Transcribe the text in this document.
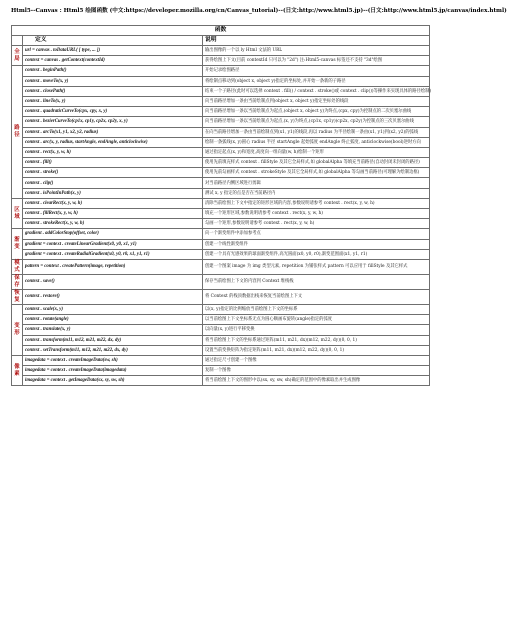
Html5--Canvas : Html5 绘图函数 (中文:https://developer.mozilla.org/cn/Canvas_tutorial)--(日文:http://www.html5.jp)--(日文:http://www.html5.jp/canvas/index.html)
函数		
	定义	说明
全局	url = canvas . toDataURL( [ type, ... ])	输出图像的一个以 ly Html 文法的 URL
	context = canvas . getContext(contextId)	获得绘图上下文(目前 contextId 只可以为 "2d") 注:Html5-canvas 标签还不支持 "3d"绘图
路径	context . beginPath()	开始记录绘图路径
	context . moveTo(x, y)	将绘制点移动到(object x, object y)指定的坐标处,并开始一条新的子路径
	context . closePath()	结束一个子路径(此时可以选择 context . fill() / context . stroke()或 context . clip())等操作来实现具体的路径绘制)
	context . lineTo(x, y)	向当前路径增加一条由当前绘制点到(object x, object y)指定坐标处的线段
	context . quadraticCurveTo(cpx, cpy, x, y)	向当前路径增加一条以当前绘制点为起点,(object x, object y)为终点,(cpx, cpy)为控制点的二次贝塞尔曲线
	context . bezierCurveTo(cp1x, cp1y, cp2x, cp2y, x, y)	向当前路径增加一条以当前绘制点为起点,(x, y)为终点,(cp1x, cp1y)(cp2x, cp2y)为控制点的三次贝塞尔曲线
	context . arcTo(x1, y1, x2, y2, radius)	在向当前路径增加一条由当前绘制点到(x1, y1)的线段,再以 radius 为半径绘制一条由(x1, y1)到(x2, y2)的弧线
	context . arc(x, y, radius, startAngle, endAngle, anticlockwise)	绘制一条弧线(x, y)圆心 radius 半径 startAngle 起始弧度 endAngle 终止弧度, anticlockwise(bool)逆时方向
	context . rect(x, y, w, h)	通过指定起点(x, y)和宽度,高度向一组向量(w, h)绘制一个矩形
	context . fill()	使用先前填充样式 context . fillStyle 及其它全局样式,如 globalAlpha 等填充当前路径(自动封闭未封闭的路径)
	context . stroke()	使用先前勾画样式 context . strokeStyle 及其它全局样式,如 globalAlpha 等勾画当前路径(可理解为绘制边框)
	context . clip()	对当前路径内侧区域进行剪辑
	context . isPointInPath(x, y)	测试 x, y 指定的点是否在当前路径内
区域	context . clearRect(x, y, w, h)	清除当前绘图上下文中指定的矩形区域的内容,参数说明请参考 context . rect(x, y, w, h)
	context . fillRect(x, y, w, h)	填充一个矩形区域,参数说明请参考 context . rect(x, y, w, h)
	context . strokeRect(x, y, w, h)	勾画一个矩形,参数说明请参考 context . rect(x, y, w, h)
渐变	gradient . addColorStop(offset, color)	向一个渐变组件中添加参考点
	gradient = context . createLinearGradient(x0, y0, x1, y1)	创建一个线性渐变组件
	gradient = context . createRadialGradient(x0, y0, r0, x1, y1, r1)	创建一个具有光感效果的球面渐变组件,高光圆面(x0, y0, r0),渐变范围面(x1, y1, r1)
模式	pattern = context . createPattern(image, repetition)	创建一个图案 image 为 img 类型元素, repetition 为铺张样式 pattern 可以应用于 fillStyle 及其它样式
保存	context . save()	保存当前绘图上下文的内容到 Context 堆栈栈
恢复	context . restore()	将 Context 的栈顶数据出栈来恢复当前绘图上下文
变形	context . scale(x, y)	以(x, y)指定的比例缩放当前绘图上下文的坐标系
	context . rotate(angle)	以当前绘图上下文坐标系无点为圆心顺画布旋转(angle)指定的弧度
	context . translate(x, y)	以向量(x, y)进行平移变换
	context . transform(m11, m12, m21, m22, dx, dy)	将当前绘图上下文的坐标系通过矩阵(m11, m21, dx)(m12, m22, dy)(0, 0, 1)
	context . setTransform(m11, m12, m21, m22, dx, dy)	设置当前变换矩阵为指定矩阵(m11, m21, dx)(m12, m22, dy)(0, 0, 1)
像素	imagedata = context . createImageData(sw, sh)	通过指定尺寸创建一个图像
	imagedata = context . createImageData(imagedata)	复制一个图像
	imagedata = context . getImageData(sx, sy, sw, sh)	将当前绘图上下文的图形中以(sx, sy, sw, sh)确定的范围中的像素取出并生成图像
